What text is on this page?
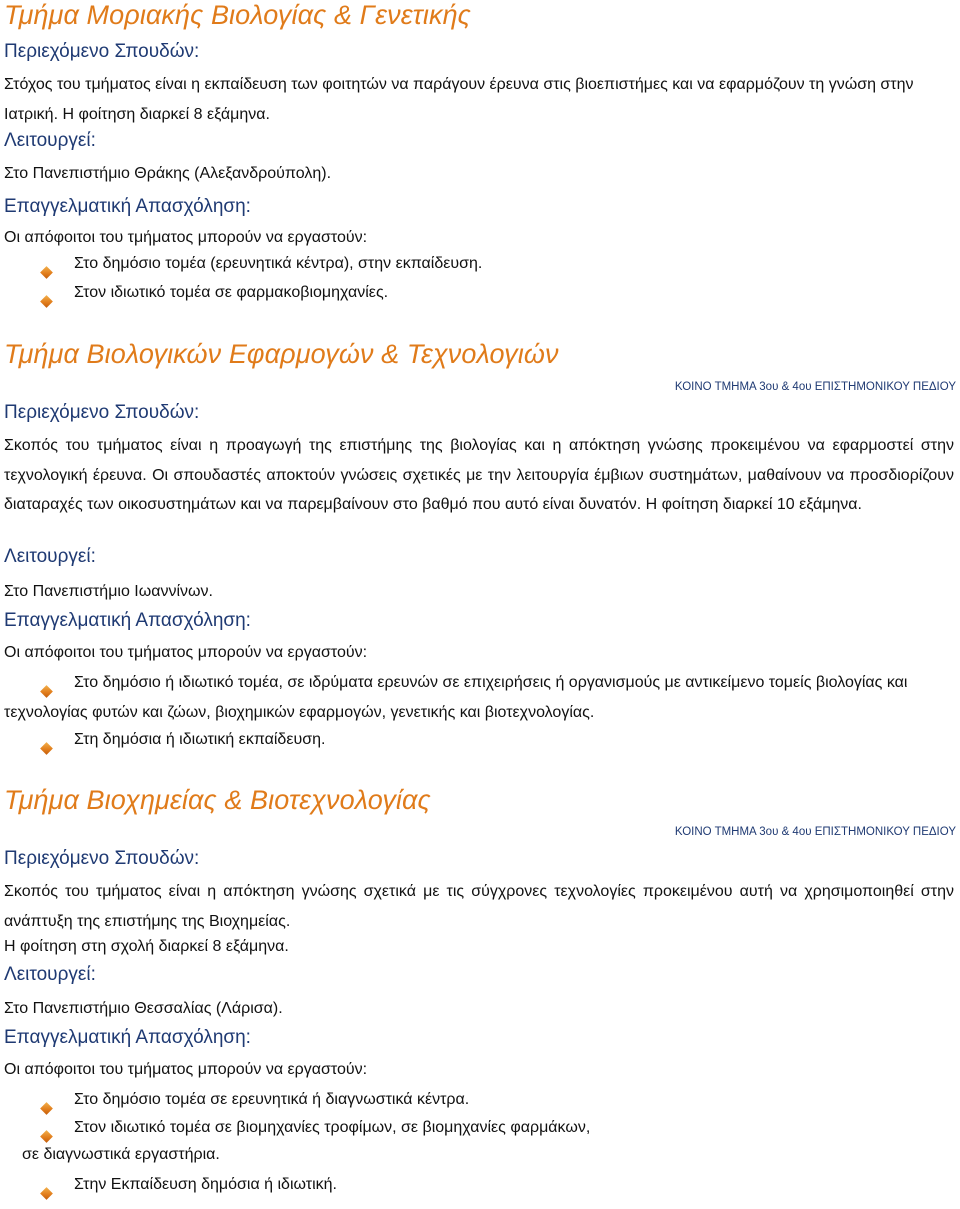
Τμήμα Μοριακής Βιολογίας & Γενετικής
Περιεχόμενο Σπουδών:

Στόχος του τμήματος είναι η εκπαίδευση των φοιτητών να παράγουν έρευνα στις βιοεπιστήμες και να εφαρμόζουν τη γνώση στην Ιατρική. Η φοίτηση διαρκεί 8 εξάμηνα.

Λειτουργεί:
Στο Πανεπιστήμιο Θράκης (Αλεξανδρούπολη).
Επαγγελματική Απασχόληση:
Οι απόφοιτοι του τμήματος μπορούν να εργαστούν:
Στο δημόσιο τομέα (ερευνητικά κέντρα), στην εκπαίδευση.
Στον ιδιωτικό τομέα σε φαρμακοβιομηχανίες.
Τμήμα Βιολογικών Εφαρμογών & Τεχνολογιών
ΚΟΙΝΟ ΤΜΗΜΑ 3ου & 4ου ΕΠΙΣΤΗΜΟΝΙΚΟΥ ΠΕΔΙΟΥ
Περιεχόμενο Σπουδών:

Σκοπός του τμήματος είναι η προαγωγή της επιστήμης της βιολογίας και η απόκτηση γνώσης προκειμένου να εφαρμοστεί στην τεχνολογική έρευνα. Οι σπουδαστές αποκτούν γνώσεις σχετικές με την λειτουργία έμβιων συστημάτων, μαθαίνουν να προσδιορίζουν διαταραχές των οικοσυστημάτων και να παρεμβαίνουν στο βαθμό που αυτό είναι δυνατόν. Η φοίτηση διαρκεί 10 εξάμηνα.

Λειτουργεί:
Στο Πανεπιστήμιο Ιωαννίνων.
Επαγγελματική Απασχόληση:
Οι απόφοιτοι του τμήματος μπορούν να εργαστούν:
Στο δημόσιο ή ιδιωτικό τομέα, σε ιδρύματα ερευνών σε επιχειρήσεις ή οργανισμούς με αντικείμενο τομείς βιολογίας και τεχνολογίας φυτών και ζώων, βιοχημικών εφαρμογών, γενετικής και βιοτεχνολογίας.
Στη δημόσια ή ιδιωτική εκπαίδευση.
Τμήμα Βιοχημείας & Βιοτεχνολογίας
ΚΟΙΝΟ ΤΜΗΜΑ 3ου & 4ου ΕΠΙΣΤΗΜΟΝΙΚΟΥ ΠΕΔΙΟΥ
Περιεχόμενο Σπουδών:

Σκοπός του τμήματος είναι η απόκτηση γνώσης σχετικά με τις σύγχρονες τεχνολογίες προκειμένου αυτή να χρησιμοποιηθεί στην ανάπτυξη της επιστήμης της Βιοχημείας.

Η φοίτηση στη σχολή διαρκεί 8 εξάμηνα.
Λειτουργεί:
Στο Πανεπιστήμιο Θεσσαλίας (Λάρισα).
Επαγγελματική Απασχόληση:
Οι απόφοιτοι του τμήματος μπορούν να εργαστούν:
Στο δημόσιο τομέα σε ερευνητικά ή διαγνωστικά κέντρα.
Στον ιδιωτικό τομέα σε βιομηχανίες τροφίμων, σε βιομηχανίες φαρμάκων,
σε διαγνωστικά εργαστήρια.
Στην Εκπαίδευση δημόσια ή ιδιωτική.
